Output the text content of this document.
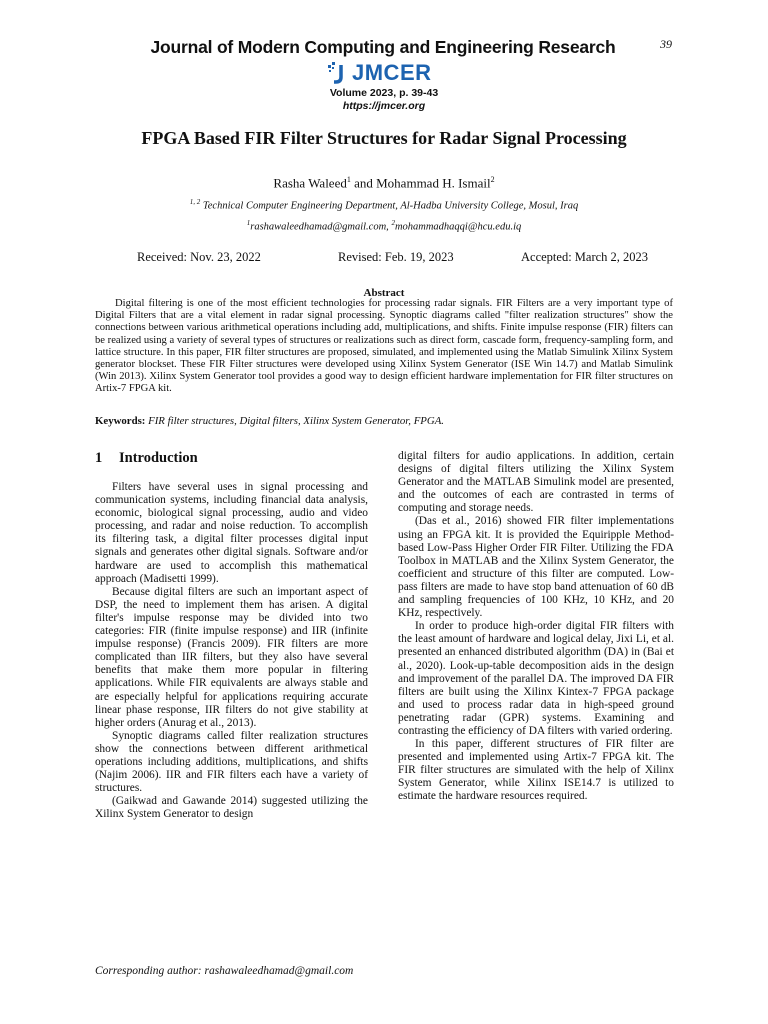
39
Journal of Modern Computing and Engineering Research
JMCER
Volume 2023, p. 39-43
https://jmcer.org
FPGA Based FIR Filter Structures for Radar Signal Processing
Rasha Waleed$^1$ and Mohammad H. Ismail$^2$
$^{1, 2}$ Technical Computer Engineering Department, Al-Hadba University College, Mosul, Iraq
$^1$rashawaleedhamad@gmail.com, $^2$mohammadhaqqi@hcu.edu.iq
Received: Nov. 23, 2022	Revised: Feb. 19, 2023	Accepted: March 2, 2023
Abstract
Digital filtering is one of the most efficient technologies for processing radar signals. FIR Filters are a very important type of Digital Filters that are a vital element in radar signal processing. Synoptic diagrams called "filter realization structures" show the connections between various arithmetical operations including add, multiplications, and shifts. Finite impulse response (FIR) filters can be realized using a variety of several types of structures or realizations such as direct form, cascade form, frequency-sampling form, and lattice structure. In this paper, FIR filter structures are proposed, simulated, and implemented using the Matlab Simulink Xilinx System generator blockset. These FIR Filter structures were developed using Xilinx System Generator (ISE Win 14.7) and Matlab Simulink (Win 2013). Xilinx System Generator tool provides a good way to design efficient hardware implementation for FIR filter structures on Artix-7 FPGA kit.
Keywords: FIR filter structures, Digital filters, Xilinx System Generator, FPGA.
1 Introduction

Filters have several uses in signal processing and communication systems, including financial data analysis, economic, biological signal processing, audio and video processing, and radar and noise reduction. To accomplish its filtering task, a digital filter processes digital input signals and generates other digital signals. Software and/or hardware are used to accomplish this mathematical approach (Madisetti 1999).

Because digital filters are such an important aspect of DSP, the need to implement them has arisen. A digital filter's impulse response may be divided into two categories: FIR (finite impulse response) and IIR (infinite impulse response) (Francis 2009). FIR filters are more complicated than IIR filters, but they also have several benefits that make them more popular in filtering applications. While FIR equivalents are always stable and are especially helpful for applications requiring accurate linear phase response, IIR filters do not give stability at higher orders (Anurag et al., 2013).

Synoptic diagrams called filter realization structures show the connections between different arithmetical operations including additions, multiplications, and shifts (Najim 2006). IIR and FIR filters each have a variety of structures.

(Gaikwad and Gawande 2014) suggested utilizing the Xilinx System Generator to design

digital filters for audio applications. In addition, certain designs of digital filters utilizing the Xilinx System Generator and the MATLAB Simulink model are presented, and the outcomes of each are contrasted in terms of computing and storage needs.

(Das et al., 2016) showed FIR filter implementations using an FPGA kit. It is provided the Equiripple Method-based Low-Pass Higher Order FIR Filter. Utilizing the FDA Toolbox in MATLAB and the Xilinx System Generator, the coefficient and structure of this filter are computed. Low-pass filters are made to have stop band attenuation of 60 dB and sampling frequencies of 100 KHz, 10 KHz, and 20 KHz, respectively.

In order to produce high-order digital FIR filters with the least amount of hardware and logical delay, Jixi Li, et al. presented an enhanced distributed algorithm (DA) in (Bai et al., 2020). Look-up-table decomposition aids in the design and improvement of the parallel DA. The improved DA FIR filters are built using the Xilinx Kintex-7 FPGA package and used to process radar data in high-speed ground penetrating radar (GPR) systems. Examining and contrasting the efficiency of DA filters with varied ordering.

In this paper, different structures of FIR filter are presented and implemented using Artix-7 FPGA kit. The FIR filter structures are simulated with the help of Xilinx System Generator, while Xilinx ISE14.7 is utilized to estimate the hardware resources required.

Corresponding author: rashawaleedhamad@gmail.com
